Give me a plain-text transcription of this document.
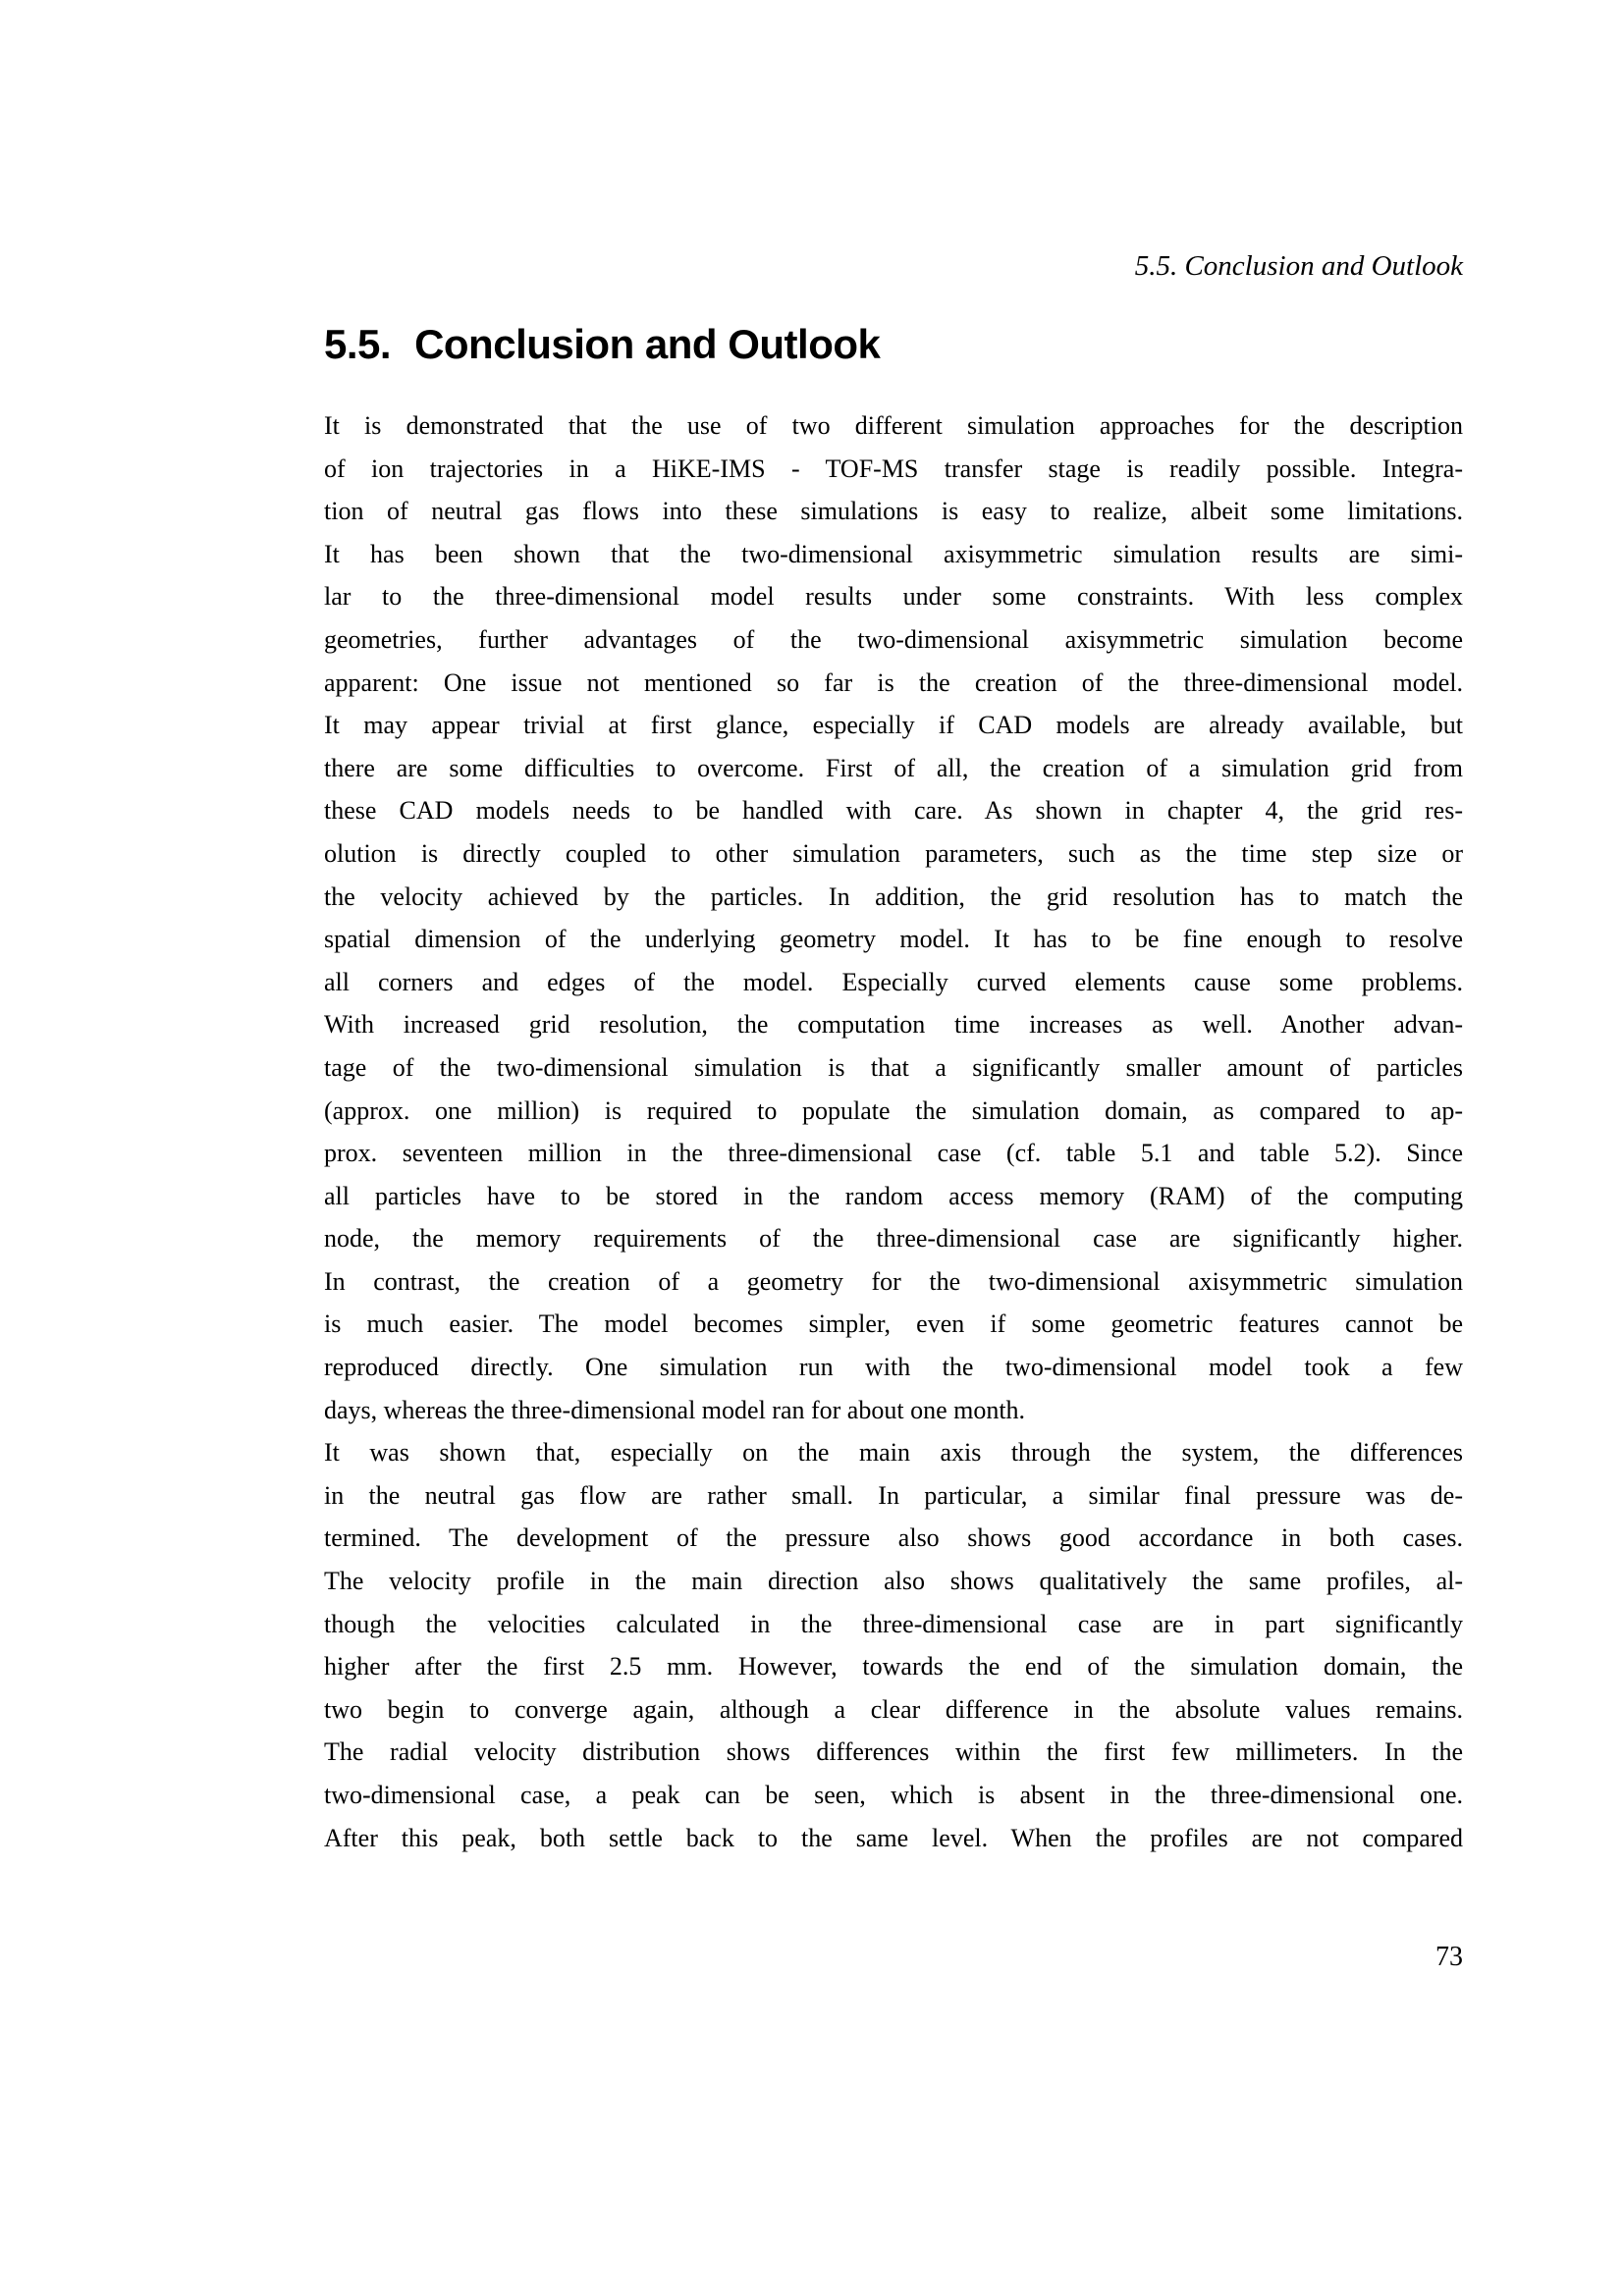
5.5. Conclusion and Outlook
5.5. Conclusion and Outlook
It is demonstrated that the use of two different simulation approaches for the description
of ion trajectories in a HiKE-IMS - TOF-MS transfer stage is readily possible. Integra-
tion of neutral gas flows into these simulations is easy to realize, albeit some limitations.
It has been shown that the two-dimensional axisymmetric simulation results are simi-
lar to the three-dimensional model results under some constraints. With less complex
geometries, further advantages of the two-dimensional axisymmetric simulation become
apparent: One issue not mentioned so far is the creation of the three-dimensional model.
It may appear trivial at first glance, especially if CAD models are already available, but
there are some difficulties to overcome. First of all, the creation of a simulation grid from
these CAD models needs to be handled with care. As shown in chapter 4, the grid res-
olution is directly coupled to other simulation parameters, such as the time step size or
the velocity achieved by the particles. In addition, the grid resolution has to match the
spatial dimension of the underlying geometry model. It has to be fine enough to resolve
all corners and edges of the model. Especially curved elements cause some problems.
With increased grid resolution, the computation time increases as well. Another advan-
tage of the two-dimensional simulation is that a significantly smaller amount of particles
(approx. one million) is required to populate the simulation domain, as compared to ap-
prox. seventeen million in the three-dimensional case (cf. table 5.1 and table 5.2). Since
all particles have to be stored in the random access memory (RAM) of the computing
node, the memory requirements of the three-dimensional case are significantly higher.
In contrast, the creation of a geometry for the two-dimensional axisymmetric simulation
is much easier. The model becomes simpler, even if some geometric features cannot be
reproduced directly. One simulation run with the two-dimensional model took a few
days, whereas the three-dimensional model ran for about one month.
It was shown that, especially on the main axis through the system, the differences
in the neutral gas flow are rather small. In particular, a similar final pressure was de-
termined. The development of the pressure also shows good accordance in both cases.
The velocity profile in the main direction also shows qualitatively the same profiles, al-
though the velocities calculated in the three-dimensional case are in part significantly
higher after the first 2.5 mm. However, towards the end of the simulation domain, the
two begin to converge again, although a clear difference in the absolute values remains.
The radial velocity distribution shows differences within the first few millimeters. In the
two-dimensional case, a peak can be seen, which is absent in the three-dimensional one.
After this peak, both settle back to the same level. When the profiles are not compared
73
